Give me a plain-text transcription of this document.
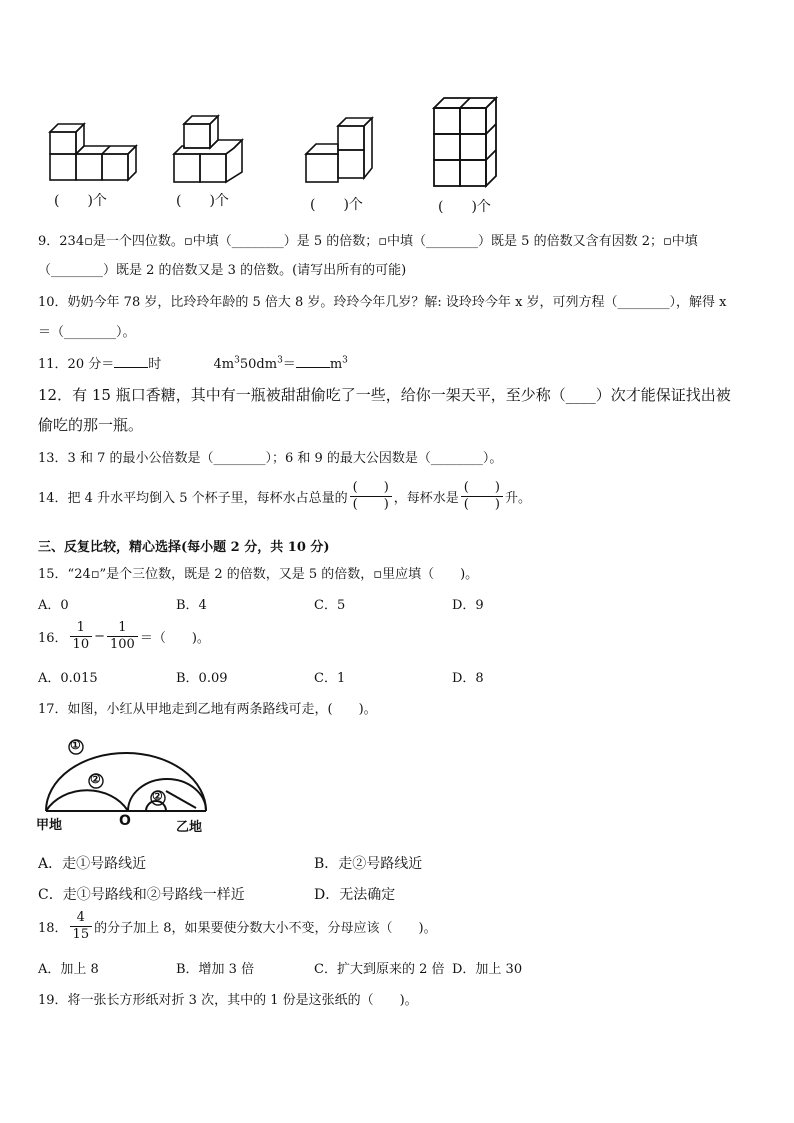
(　　)个	(　　)个	(　　)个	(　　)个
9．234▫是一个四位数。▫中填（________）是 5 的倍数；▫中填（________）既是 5 的倍数又含有因数 2；▫中填
（________）既是 2 的倍数又是 3 的倍数。(请写出所有的可能)
10．奶奶今年 78 岁，比玲玲年龄的 5 倍大 8 岁。玲玲今年几岁？解: 设玲玲今年 x 岁，可列方程（________），解得 x
＝（________）。
11．20 分＝	时	$4m^350dm^3=$	$m^3$
12．有 15 瓶口香糖，其中有一瓶被甜甜偷吃了一些，给你一架天平，至少称（____）次才能保证找出被
偷吃的那一瓶。
13．3 和 7 的最小公倍数是（________）；6 和 9 的最大公因数是（________）。
14．把 4 升水平均倒入 5 个杯子里，每杯水占总量的 $\frac{( )}{( )}$ ，每杯水是 $\frac{( )}{( )}$ 升。
三、反复比较，精心选择(每小题 2 分，共 10 分)
15．“24▫”是个三位数，既是 2 的倍数，又是 5 的倍数，▫里应填（　　)。
A．0	B．4	C．5	D．9
16． $\frac{1}{10} - \frac{1}{100}$ ＝（　　)。
A．0.015	B．0.09	C．1	D．8
17．如图，小红从甲地走到乙地有两条路线可走，(　　)。
①
②
②
甲地	O	乙地
A．走①号路线近	B．走②号路线近
C．走①号路线和②号路线一样近	D．无法确定
18． $\frac{4}{15}$ 的分子加上 8，如果要使分数大小不变，分母应该（　　)。
A．加上 8	B．增加 3 倍	C．扩大到原来的 2 倍 D．加上 30
19．将一张长方形纸对折 3 次，其中的 1 份是这张纸的（　　)。
